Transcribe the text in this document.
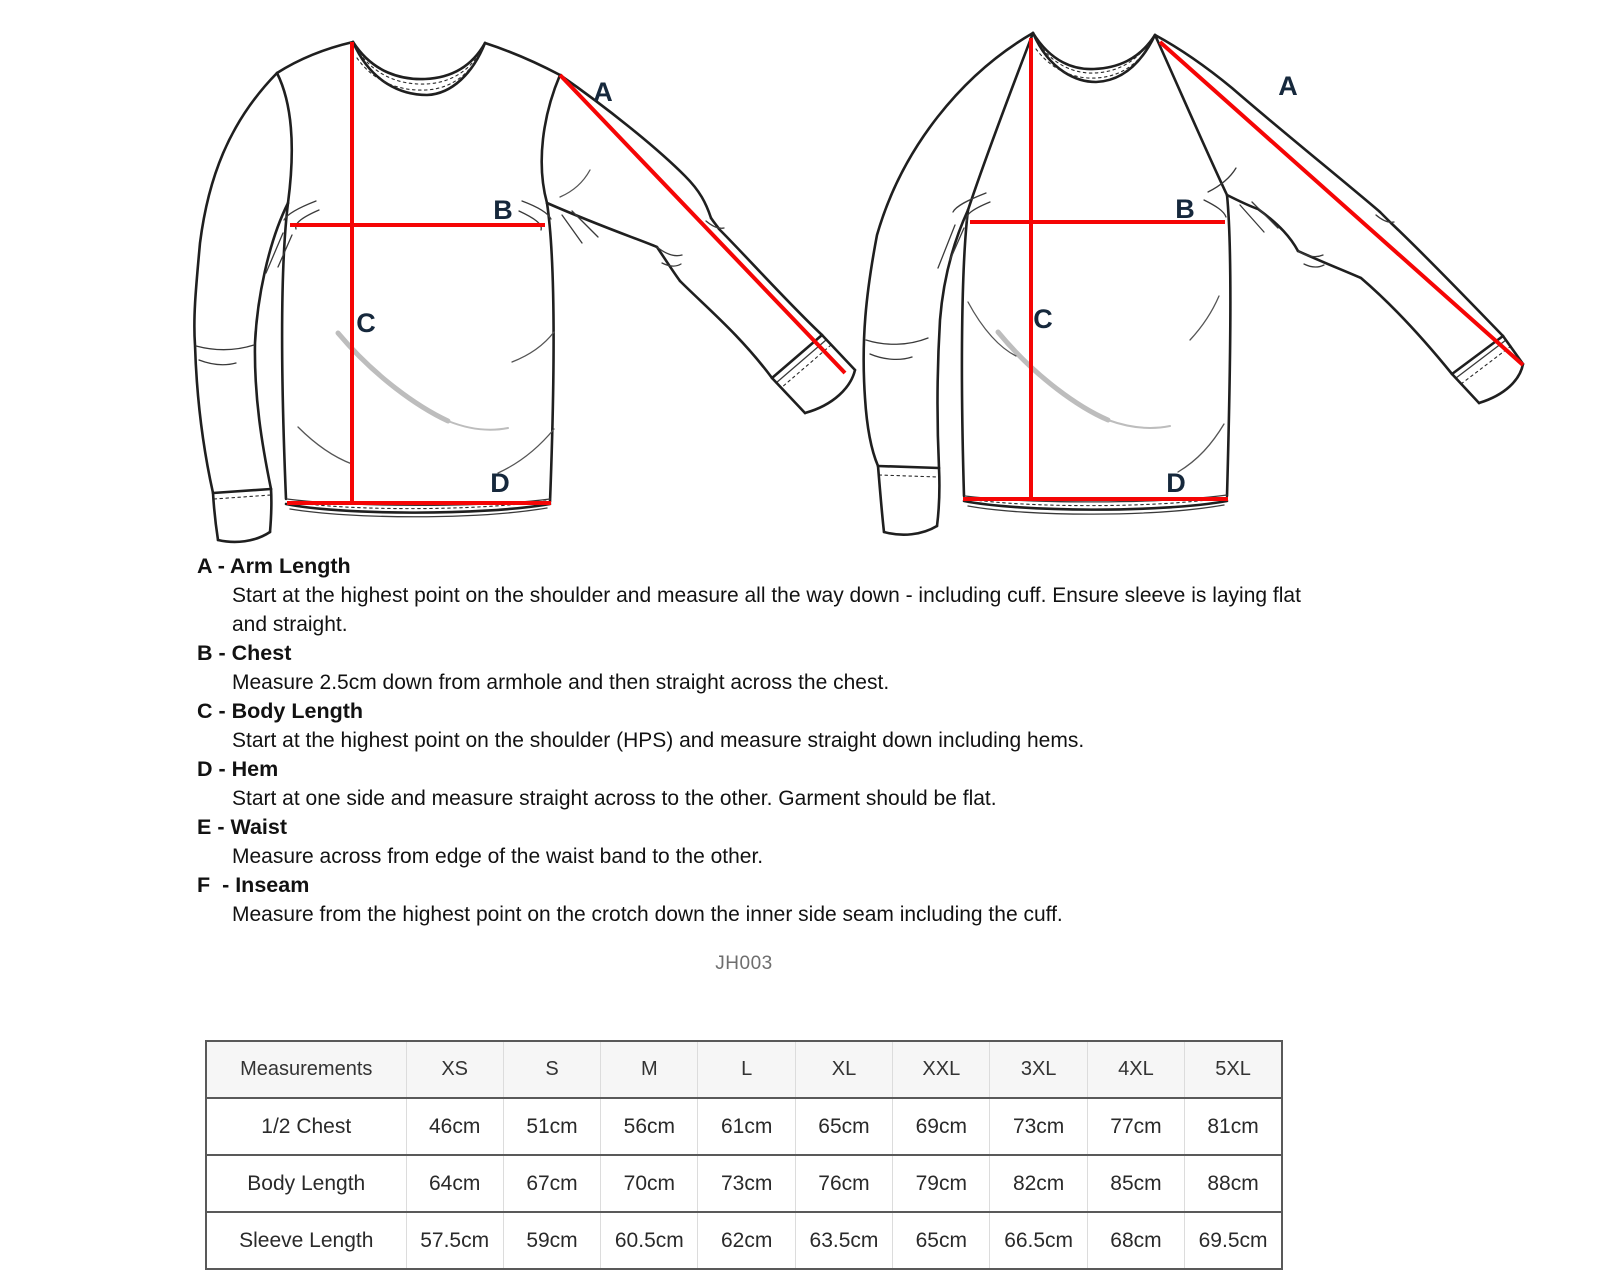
A
B
C
D
A
B
C
D
A - Arm Length
Start at the highest point on the shoulder and measure all the way down - including cuff. Ensure sleeve is laying flat
and straight.
B - Chest
Measure 2.5cm down from armhole and then straight across the chest.
C - Body Length
Start at the highest point on the shoulder (HPS) and measure straight down including hems.
D - Hem
Start at one side and measure straight across to the other. Garment should be flat.
E - Waist
Measure across from edge of the waist band to the other.
F  - Inseam
Measure from the highest point on the crotch down the inner side seam including the cuff.
JH003
Measurements	XS	S	M	L	XL	XXL	3XL	4XL	5XL
1/2 Chest	46cm	51cm	56cm	61cm	65cm	69cm	73cm	77cm	81cm
Body Length	64cm	67cm	70cm	73cm	76cm	79cm	82cm	85cm	88cm
Sleeve Length	57.5cm	59cm	60.5cm	62cm	63.5cm	65cm	66.5cm	68cm	69.5cm
